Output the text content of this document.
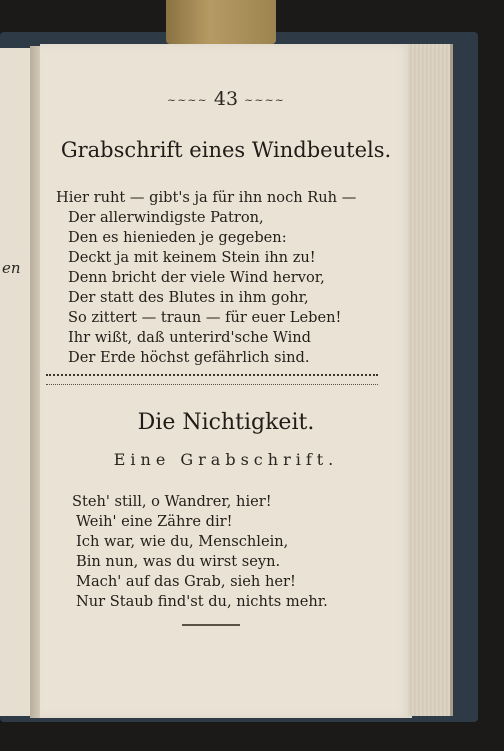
en
~~~~ 43 ~~~~
Grabschrift eines Windbeutels.
Hier ruht — gibt's ja für ihn noch Ruh —
Der allerwindigste Patron,
Den es hienieden je gegeben:
Deckt ja mit keinem Stein ihn zu!
Denn bricht der viele Wind hervor,
Der statt des Blutes in ihm gohr,
So zittert — traun — für euer Leben!
Ihr wißt, daß unterird'sche Wind
Der Erde höchst gefährlich sind.
Die Nichtigkeit.
Eine Grabschrift.
Steh' still, o Wandrer, hier!
Weih' eine Zähre dir!
Ich war, wie du, Menschlein,
Bin nun, was du wirst seyn.
Mach' auf das Grab, sieh her!
Nur Staub find'st du, nichts mehr.
